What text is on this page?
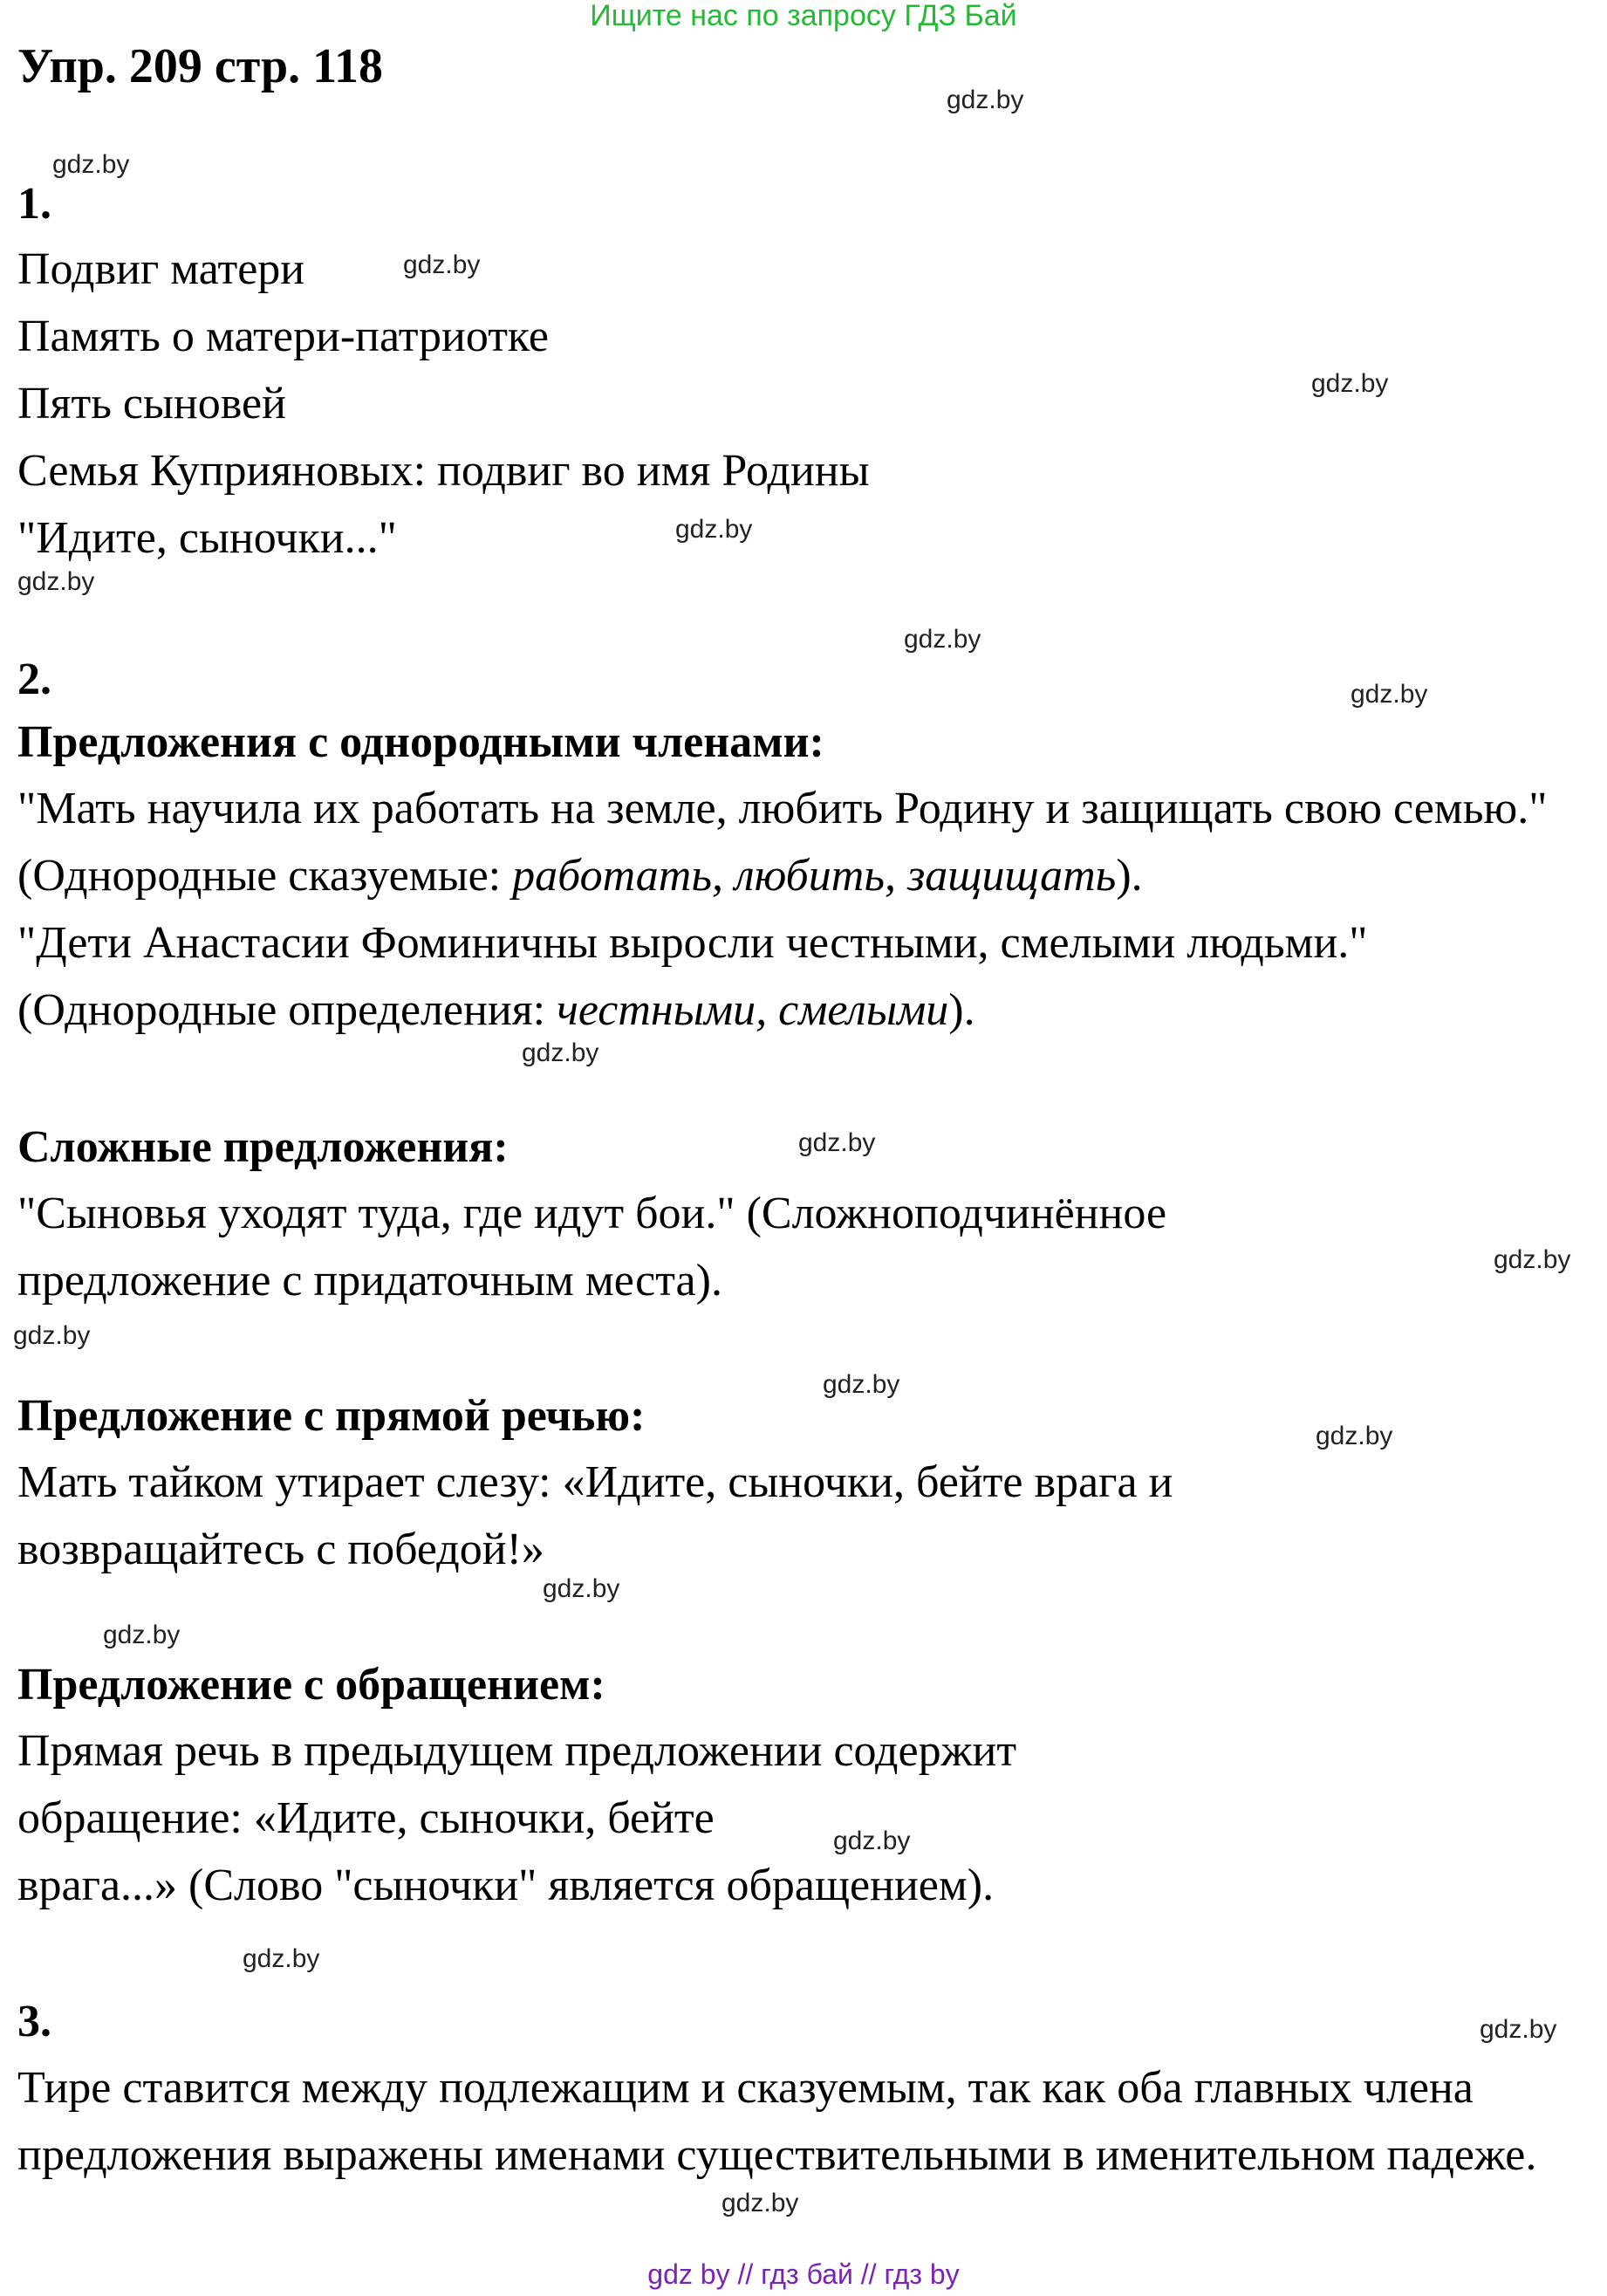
Ищите нас по запросу ГДЗ Бай
Упр. 209 стр. 118
1.
Подвиг матери
Память о матери-патриотке
Пять сыновей
Семья Куприяновых: подвиг во имя Родины
"Идите, сыночки..."
2.
Предложения с однородными членами:

"Мать научила их работать на земле, любить Родину и защищать свою семью." (Однородные сказуемые: работать, любить, защищать).

"Дети Анастасии Фоминичны выросли честными, смелыми людьми." (Однородные определения: честными, смелыми).

Сложные предложения:

"Сыновья уходят туда, где идут бои." (Сложноподчинённое предложение с придаточным места).

Предложение с прямой речью:

Мать тайком утирает слезу: «Идите, сыночки, бейте врага и возвращайтесь с победой!»

Предложение с обращением:
Прямая речь в предыдущем предложении содержит
обращение: «Идите, сыночки, бейте
врага...» (Слово "сыночки" является обращением).
3.

Тире ставится между подлежащим и сказуемым, так как оба главных члена предложения выражены именами существительными в именительном падеже.

gdz.by
gdz.by
gdz.by
gdz.by
gdz.by
gdz.by
gdz.by
gdz.by
gdz.by
gdz.by
gdz.by
gdz.by
gdz.by
gdz.by
gdz.by
gdz.by
gdz.by
gdz.by
gdz.by
gdz.by
gdz by // гдз бай // гдз by
